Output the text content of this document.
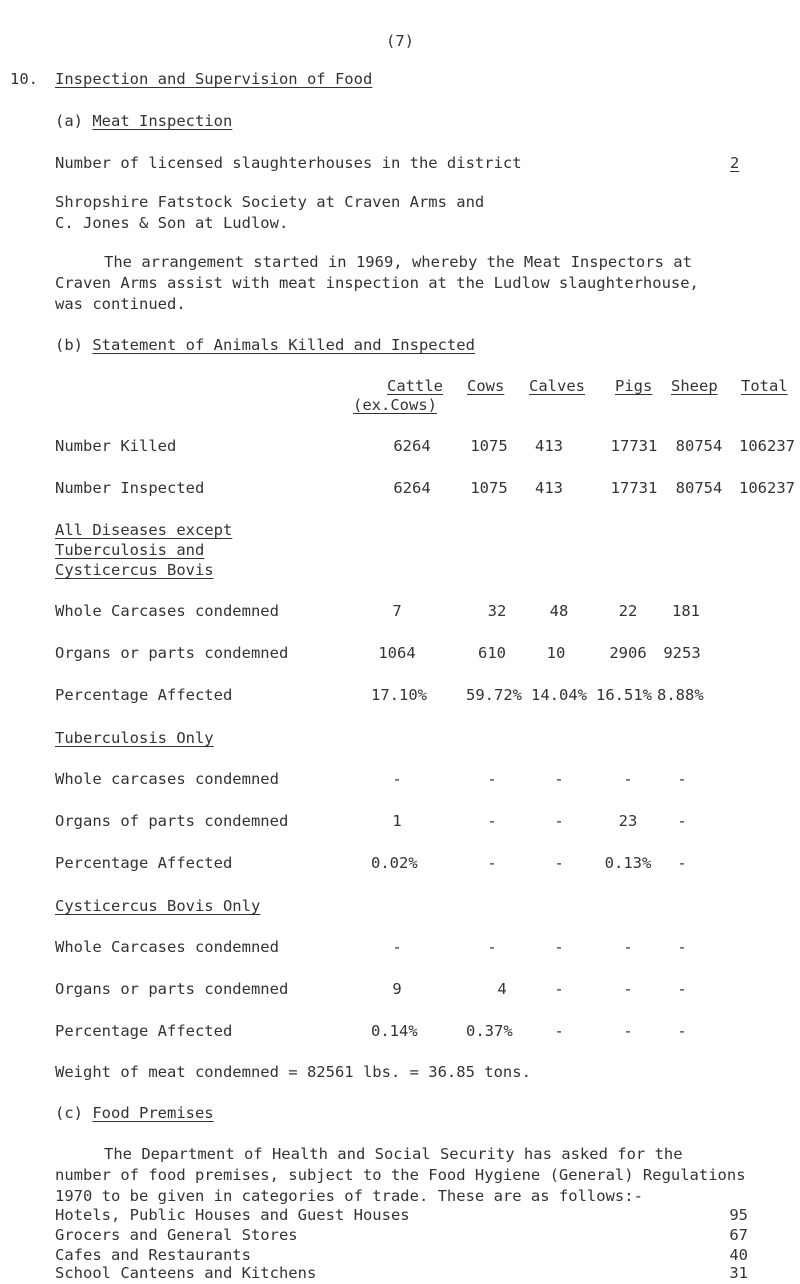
(7)
10. Inspection and Supervision of Food
(a) Meat Inspection
Number of licensed slaughterhouses in the district	2
Shropshire Fatstock Society at Craven Arms and
C. Jones & Son at Ludlow.
The arrangement started in 1969, whereby the Meat Inspectors at
Craven Arms assist with meat inspection at the Ludlow slaughterhouse,
was continued.
(b) Statement of Animals Killed and Inspected
Cattle
(ex.Cows)
Cows Calves Pigs Sheep Total
Number Killed	6264	1075	413	17731	80754	106237
Number Inspected	6264	1075	413	17731	80754	106237
All Diseases except
Tuberculosis and
Cysticercus Bovis
Whole Carcases condemned	7	32	48	22	181
Organs or parts condemned	1064	610	10	2906	9253
Percentage Affected	17.10%	59.72% 14.04% 16.51% 8.88%
Tuberculosis Only
Whole carcases condemned	-	-	-	-	-
Organs of parts condemned	1	-	-	23	-
Percentage Affected	0.02%	-	-	0.13%	-
Cysticercus Bovis Only
Whole Carcases condemned	-	-	-	-	-
Organs or parts condemned	9	4	-	-	-
Percentage Affected	0.14%	0.37%	-	-	-
Weight of meat condemned = 82561 lbs. = 36.85 tons.
(c) Food Premises
The Department of Health and Social Security has asked for the
number of food premises, subject to the Food Hygiene (General) Regulations
1970 to be given in categories of trade. These are as follows:-
Hotels, Public Houses and Guest Houses	95
Grocers and General Stores	67
Cafes and Restaurants	40
School Canteens and Kitchens	31
